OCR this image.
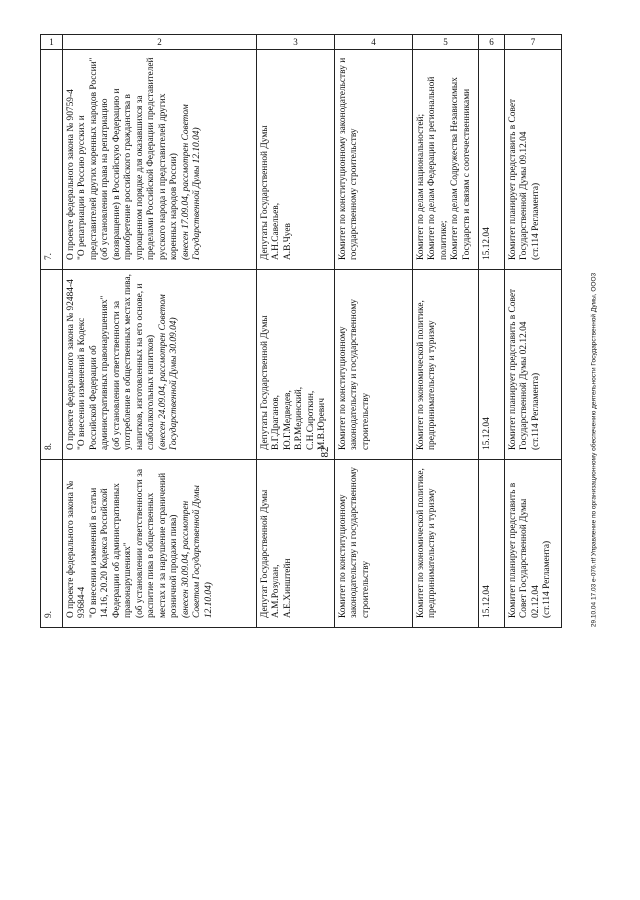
82	29.10.04 17.03 e-076.rtf Управление по организационному обеспечению деятельности Государственной Думы, ООО3
1	2	3	4	5	6	7
7.	О проекте федерального закона № 90759-4
"О репатриации в Россию русских и представителей других коренных народов России"
(об установлении права на репатриацию (возвращение) в Российскую Федерацию и приобретение российского гражданства в упрощенном порядке для оказавшихся за пределами Российской Федерации представителей русского народа и представителей других коренных народов России)
(внесен 17.09.04, рассмотрен Советом Государственной Думы 12.10.04)	Депутаты Государственной Думы
А.Н.Савельев,
А.В.Чуев	Комитет по конституционному законодательству и государственному строительству	Комитет по делам национальностей;
Комитет по делам Федерации и региональной политике;
Комитет по делам Содружества Независимых Государств и связям с соотечественниками
15.12.04	Комитет планирует представить в Совет Государственной Думы 09.12.04
(ст.114 Регламента)
8.	О проекте федерального закона № 92484-4
"О внесении изменений в Кодекс Российской Федерации об административных правонарушениях"
(об установлении ответственности за употребление в общественных местах пива, напитков, изготовленных на его основе, и слабоалкогольных напитков)
(внесен 24.09.04, рассмотрен Советом Государственной Думы 30.09.04)	Депутаты Государственной Думы
В.Г.Драганов,
Ю.Г.Медведев,
В.Р.Мединский,
С.Н.Сироткин,
М.В.Юревич	Комитет по конституционному законодательству и государственному строительству	Комитет по экономической политике, предпринимательству и туризму	15.12.04	Комитет планирует представить в Совет Государственной Думы 02.12.04
(ст.114 Регламента)
9.	О проекте федерального закона № 93684-4
"О внесении изменений в статьи 14.16, 20.20 Кодекса Российской Федерации об административных правонарушениях"
(об установлении ответственности за распитие пива в общественных местах и за нарушение ограничений розничной продажи пива)
(внесен 30.09.04, рассмотрен Советом Государственной Думы 12.10.04)	Депутат Государственной Думы
А.М.Розулан,
А.Е.Хинштейн	Комитет по конституционному законодательству и государственному строительству	Комитет по экономической политике, предпринимательству и туризму	15.12.04	Комитет планирует представить в Совет Государственной Думы 02.12.04
(ст.114 Регламента)
